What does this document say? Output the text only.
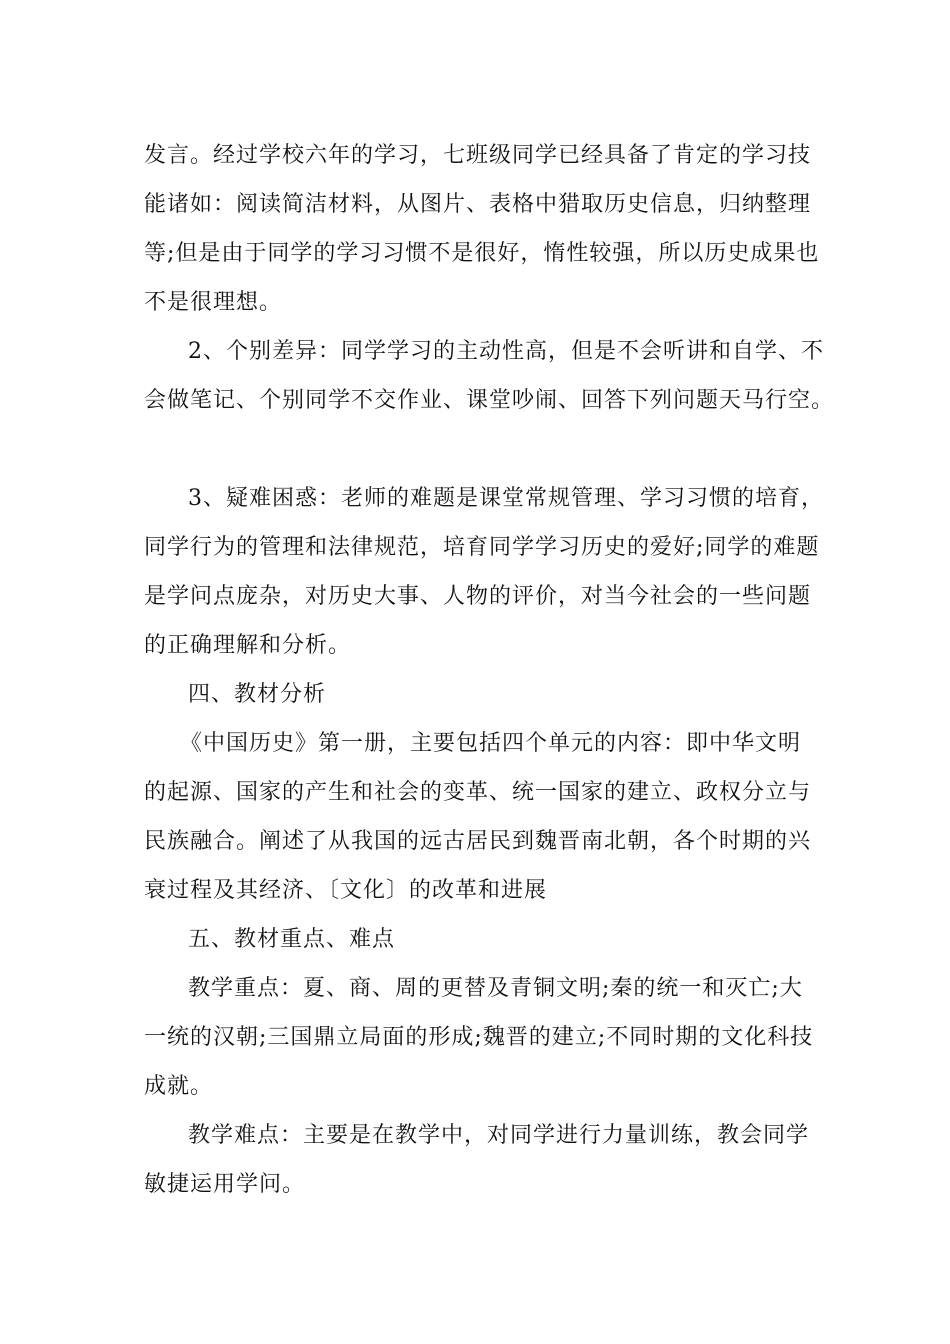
发言。经过学校六年的学习，七班级同学已经具备了肯定的学习技
能诸如：阅读简洁材料，从图片、表格中猎取历史信息，归纳整理
等;但是由于同学的学习习惯不是很好，惰性较强，所以历史成果也
不是很理想。
2、个别差异：同学学习的主动性高，但是不会听讲和自学、不
会做笔记、个别同学不交作业、课堂吵闹、回答下列问题天马行空。
3、疑难困惑：老师的难题是课堂常规管理、学习习惯的培育，
同学行为的管理和法律规范，培育同学学习历史的爱好;同学的难题
是学问点庞杂，对历史大事、人物的评价，对当今社会的一些问题
的正确理解和分析。
四、教材分析
《中国历史》第一册，主要包括四个单元的内容：即中华文明
的起源、国家的产生和社会的变革、统一国家的建立、政权分立与
民族融合。阐述了从我国的远古居民到魏晋南北朝，各个时期的兴
衰过程及其经济、〔文化〕的改革和进展
五、教材重点、难点
教学重点：夏、商、周的更替及青铜文明;秦的统一和灭亡;大
一统的汉朝;三国鼎立局面的形成;魏晋的建立;不同时期的文化科技
成就。
教学难点：主要是在教学中，对同学进行力量训练，教会同学
敏捷运用学问。
